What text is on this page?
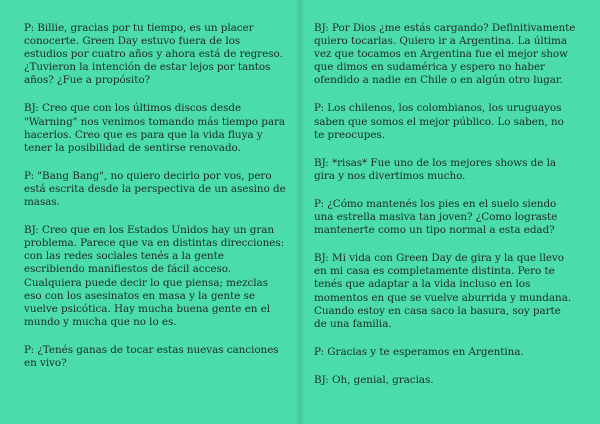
P: Billie, gracias por tu tiempo, es un placer conocerte. Green Day estuvo fuera de los estudios por cuatro años y ahora está de regreso. ¿Tuvieron la intención de estar lejos por tantos años? ¿Fue a propósito?

BJ: Creo que con los últimos discos desde "Warning" nos venimos tomando más tiempo para hacerlos. Creo que es para que la vida fluya y tener la posibilidad de sentirse renovado.

P: "Bang Bang", no quiero decirlo por vos, pero está escrita desde la perspectiva de un asesino de masas.

BJ: Creo que en los Estados Unidos hay un gran problema. Parece que va en distintas direcciones: con las redes sociales tenés a la gente escribiendo manifiestos de fácil acceso. Cualquiera puede decir lo que piensa; mezclas eso con los asesinatos en masa y la gente se vuelve psicótica. Hay mucha buena gente en el mundo y mucha que no lo es.

P: ¿Tenés ganas de tocar estas nuevas canciones en vivo?

BJ: Por Dios ¿me estás cargando? Definitivamente quiero tocarlas. Quiero ir a Argentina. La última vez que tocamos en Argentina fue el mejor show que dimos en sudamérica y espero no haber ofendido a nadie en Chile o en algún otro lugar.

P: Los chilenos, los colombianos, los uruguayos saben que somos el mejor público. Lo saben, no te preocupes.

BJ: *risas* Fue uno de los mejores shows de la gira y nos divertimos mucho.

P: ¿Cómo mantenés los pies en el suelo siendo una estrella masiva tan joven? ¿Como lograste mantenerte como un tipo normal a esta edad?

BJ: Mi vida con Green Day de gira y la que llevo en mi casa es completamente distinta. Pero te tenés que adaptar a la vida incluso en los momentos en que se vuelve aburrida y mundana. Cuando estoy en casa saco la basura, soy parte de una familia.

P: Gracias y te esperamos en Argentina.

BJ: Oh, genial, gracias.
